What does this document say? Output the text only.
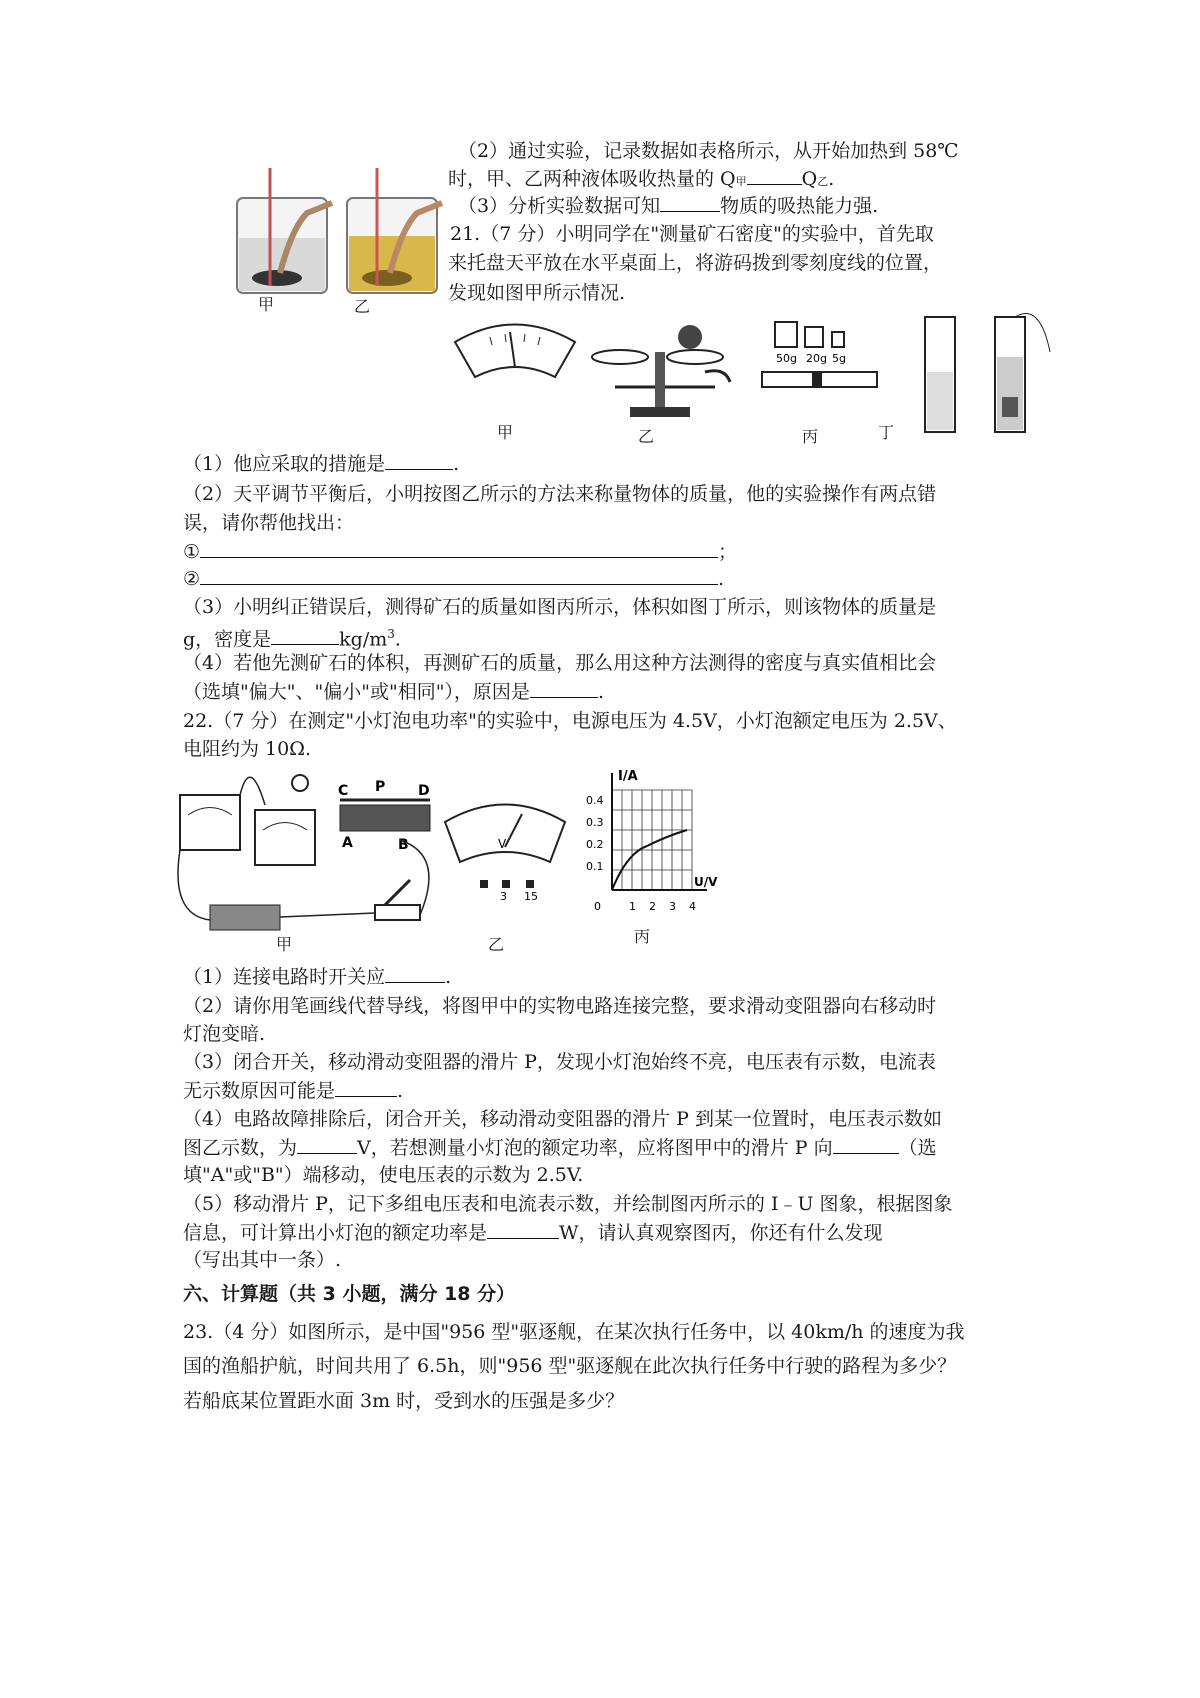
甲	乙
（2）通过实验，记录数据如表格所示，从开始加热到 58℃
时，甲、乙两种液体吸收热量的 Q甲	Q乙.
（3）分析实验数据可知	物质的吸热能力强.
21.（7 分）小明同学在"测量矿石密度"的实验中，首先取
来托盘天平放在水平桌面上，将游码拨到零刻度线的位置，
发现如图甲所示情况.
50g 20g 5g
甲	乙	丙	丁
（1）他应采取的措施是	.
（2）天平调节平衡后，小明按图乙所示的方法来称量物体的质量，他的实验操作有两点错
误，请你帮他找出：
①	；
②	.
（3）小明纠正错误后，测得矿石的质量如图丙所示，体积如图丁所示，则该物体的质量是
g，密度是	$kg/m^3$.
（4）若他先测矿石的体积，再测矿石的质量，那么用这种方法测得的密度与真实值相比会
（选填"偏大"、"偏小"或"相同"），原因是	.
22.（7 分）在测定"小灯泡电功率"的实验中，电源电压为 4.5V，小灯泡额定电压为 2.5V、
电阻约为 10Ω.
C P D
A	B	V
3 15
I/A
U/V
0.4
0.3
0.2
0.1
0	1 2 3 4
甲	乙	丙
（1）连接电路时开关应	.
（2）请你用笔画线代替导线，将图甲中的实物电路连接完整，要求滑动变阻器向右移动时
灯泡变暗.
（3）闭合开关，移动滑动变阻器的滑片 P，发现小灯泡始终不亮，电压表有示数，电流表
无示数原因可能是	.
（4）电路故障排除后，闭合开关，移动滑动变阻器的滑片 P 到某一位置时，电压表示数如
图乙示数，为	V，若想测量小灯泡的额定功率，应将图甲中的滑片 P 向	（选
填"A"或"B"）端移动，使电压表的示数为 2.5V.
（5）移动滑片 P，记下多组电压表和电流表示数，并绘制图丙所示的 I﹣U 图象，根据图象
信息，可计算出小灯泡的额定功率是	W，请认真观察图丙，你还有什么发现
（写出其中一条）.
六、计算题（共 3 小题，满分 18 分）
23.（4 分）如图所示，是中国"956 型"驱逐舰，在某次执行任务中，以 40km/h 的速度为我
国的渔船护航，时间共用了 6.5h，则"956 型"驱逐舰在此次执行任务中行驶的路程为多少？
若船底某位置距水面 3m 时，受到水的压强是多少？
